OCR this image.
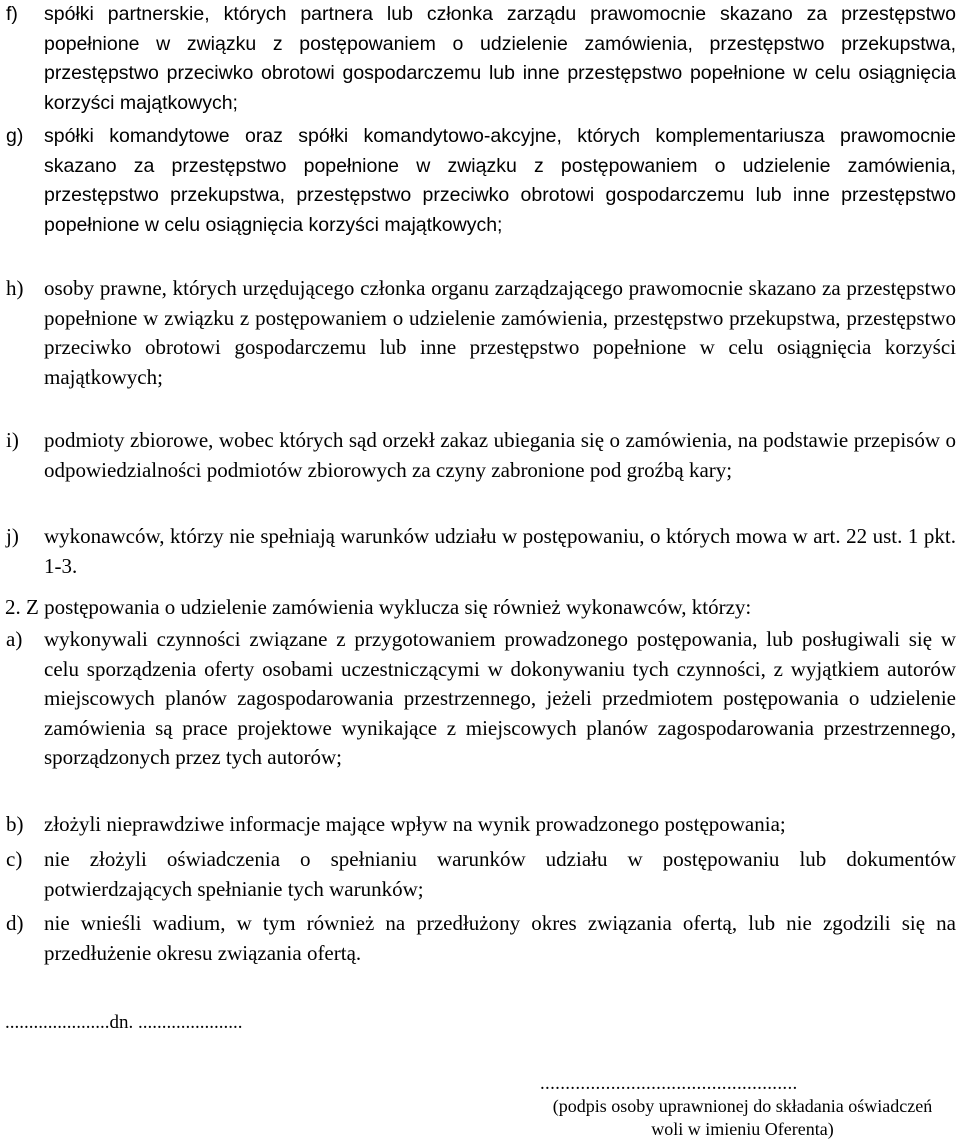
f) spółki partnerskie, których partnera lub członka zarządu prawomocnie skazano za przestępstwo popełnione w związku z postępowaniem o udzielenie zamówienia, przestępstwo przekupstwa, przestępstwo przeciwko obrotowi gospodarczemu lub inne przestępstwo popełnione w celu osiągnięcia korzyści majątkowych;
g) spółki komandytowe oraz spółki komandytowo-akcyjne, których komplementariusza prawomocnie skazano za przestępstwo popełnione w związku z postępowaniem o udzielenie zamówienia, przestępstwo przekupstwa, przestępstwo przeciwko obrotowi gospodarczemu lub inne przestępstwo popełnione w celu osiągnięcia korzyści majątkowych;
h) osoby prawne, których urzędującego członka organu zarządzającego prawomocnie skazano za przestępstwo popełnione w związku z postępowaniem o udzielenie zamówienia, przestępstwo przekupstwa, przestępstwo przeciwko obrotowi gospodarczemu lub inne przestępstwo popełnione w celu osiągnięcia korzyści majątkowych;
i) podmioty zbiorowe, wobec których sąd orzekł zakaz ubiegania się o zamówienia, na podstawie przepisów o odpowiedzialności podmiotów zbiorowych za czyny zabronione pod groźbą kary;
j) wykonawców, którzy nie spełniają warunków udziału w postępowaniu, o których mowa w art. 22 ust. 1 pkt. 1-3.
2. Z postępowania o udzielenie zamówienia wyklucza się również wykonawców, którzy:
a) wykonywali czynności związane z przygotowaniem prowadzonego postępowania, lub posługiwali się w celu sporządzenia oferty osobami uczestniczącymi w dokonywaniu tych czynności, z wyjątkiem autorów miejscowych planów zagospodarowania przestrzennego, jeżeli przedmiotem postępowania o udzielenie zamówienia są prace projektowe wynikające z miejscowych planów zagospodarowania przestrzennego, sporządzonych przez tych autorów;
b) złożyli nieprawdziwe informacje mające wpływ na wynik prowadzonego postępowania;
c) nie złożyli oświadczenia o spełnianiu warunków udziału w postępowaniu lub dokumentów potwierdzających spełnianie tych warunków;
d) nie wnieśli wadium, w tym również na przedłużony okres związania ofertą, lub nie zgodzili się na przedłużenie okresu związania ofertą.
......................dn. ......................
...................................................
(podpis osoby uprawnionej do składania oświadczeń woli w imieniu Oferenta)
